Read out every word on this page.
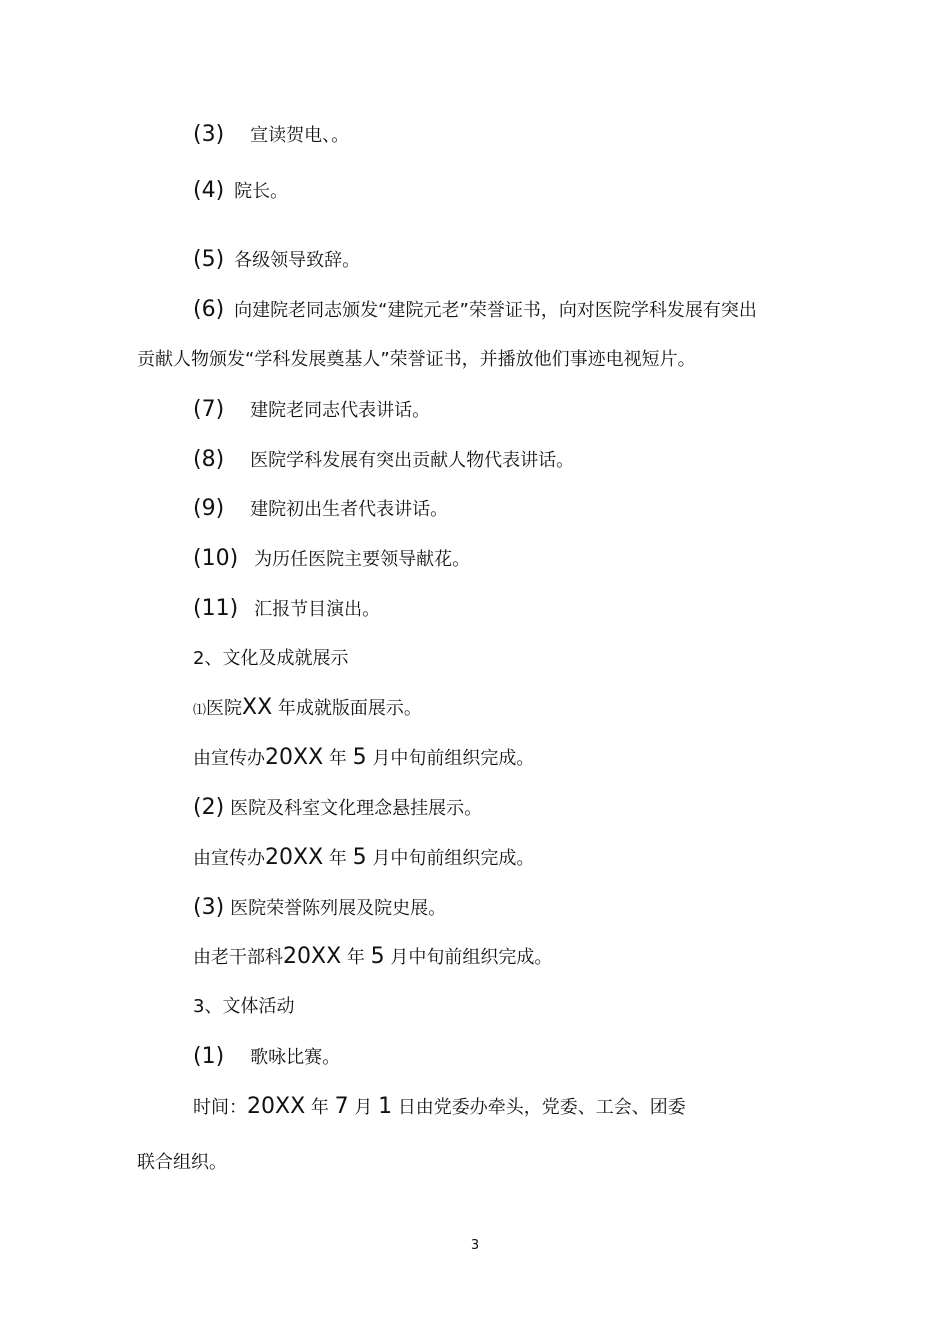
(3) 宣读贺电、。
(4) 院长。
(5) 各级领导致辞。
(6) 向建院老同志颁发“建院元老”荣誉证书，向对医院学科发展有突出
贡献人物颁发“学科发展奠基人”荣誉证书，并播放他们事迹电视短片。
(7) 建院老同志代表讲话。
(8) 医院学科发展有突出贡献人物代表讲话。
(9) 建院初出生者代表讲话。
(10) 为历任医院主要领导献花。
(11) 汇报节目演出。
2、文化及成就展示
⑴医院XX 年成就版面展示。
由宣传办20XX 年 5 月中旬前组织完成。
(2) 医院及科室文化理念悬挂展示。
由宣传办20XX 年 5 月中旬前组织完成。
(3) 医院荣誉陈列展及院史展。
由老干部科20XX 年 5 月中旬前组织完成。
3、文体活动
(1) 歌咏比赛。
时间：20XX 年 7 月 1 日由党委办牵头，党委、工会、团委
联合组织。
3
